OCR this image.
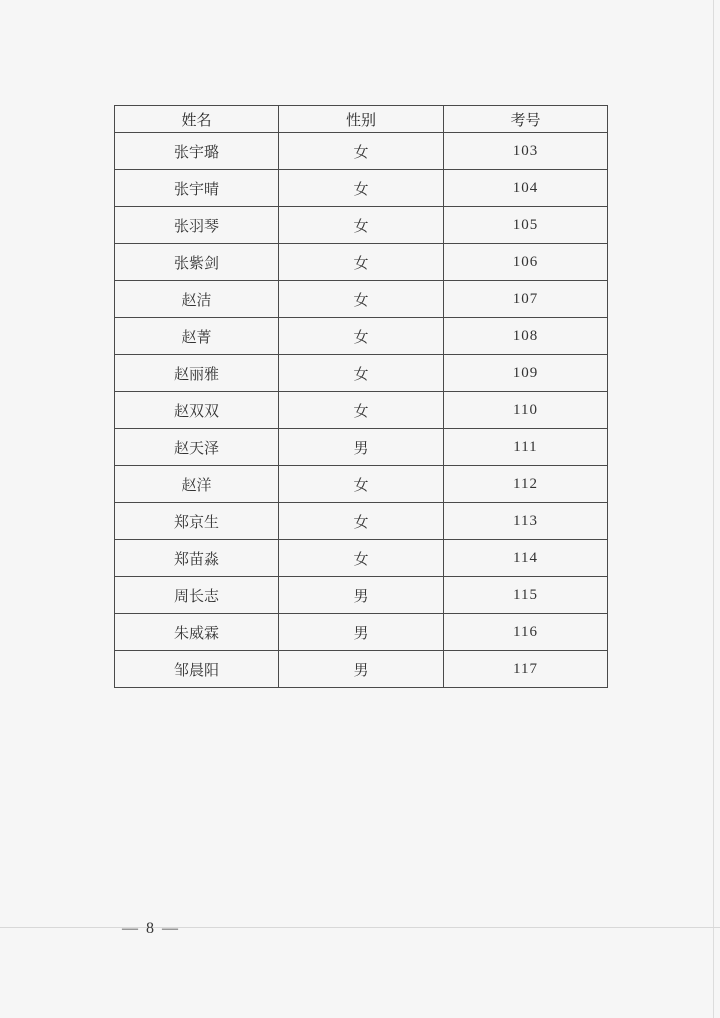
姓名	性别	考号
张宇璐	女	103
张宇晴	女	104
张羽琴	女	105
张紫剑	女	106
赵洁	女	107
赵菁	女	108
赵丽雅	女	109
赵双双	女	110
赵天泽	男	111
赵洋	女	112
郑京生	女	113
郑苗淼	女	114
周长志	男	115
朱威霖	男	116
邹晨阳	男	117
— 8 —
